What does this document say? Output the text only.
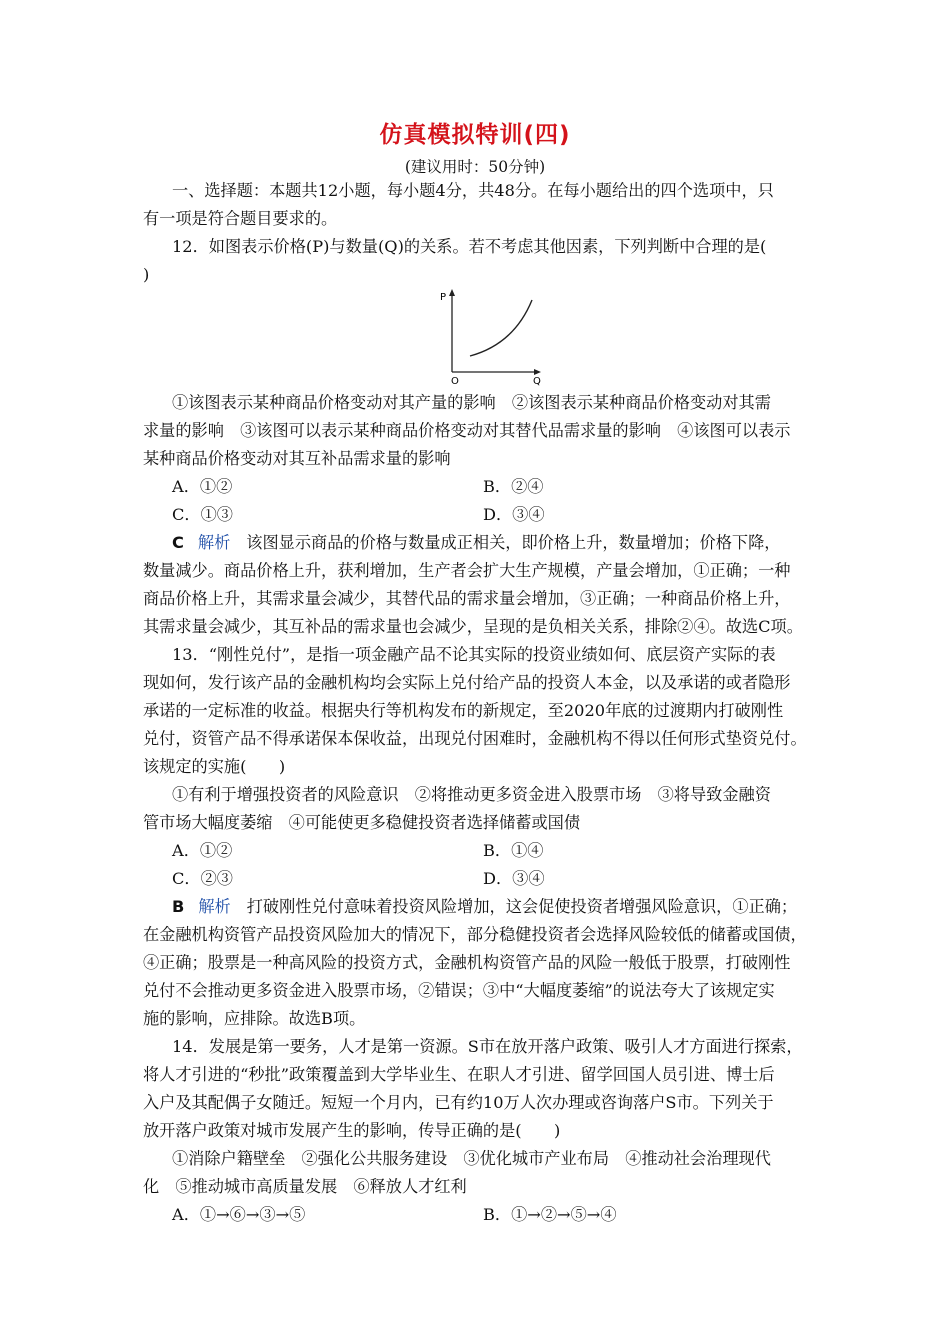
仿真模拟特训(四)
(建议用时：50分钟)
一、选择题：本题共12小题，每小题4分，共48分。在每小题给出的四个选项中，只
有一项是符合题目要求的。
12．如图表示价格(P)与数量(Q)的关系。若不考虑其他因素，下列判断中合理的是(
)
P
Q
O
①该图表示某种商品价格变动对其产量的影响　②该图表示某种商品价格变动对其需
求量的影响　③该图可以表示某种商品价格变动对其替代品需求量的影响　④该图可以表示
某种商品价格变动对其互补品需求量的影响
A．①②	B．②④
C．①③	D．③④
C 解析 该图显示商品的价格与数量成正相关，即价格上升，数量增加；价格下降，
数量减少。商品价格上升，获利增加，生产者会扩大生产规模，产量会增加，①正确；一种
商品价格上升，其需求量会减少，其替代品的需求量会增加，③正确；一种商品价格上升，
其需求量会减少，其互补品的需求量也会减少，呈现的是负相关关系，排除②④。故选C项。
13．“刚性兑付”，是指一项金融产品不论其实际的投资业绩如何、底层资产实际的表
现如何，发行该产品的金融机构均会实际上兑付给产品的投资人本金，以及承诺的或者隐形
承诺的一定标准的收益。根据央行等机构发布的新规定，至2020年底的过渡期内打破刚性
兑付，资管产品不得承诺保本保收益，出现兑付困难时，金融机构不得以任何形式垫资兑付。
该规定的实施(　　)
①有利于增强投资者的风险意识　②将推动更多资金进入股票市场　③将导致金融资
管市场大幅度萎缩　④可能使更多稳健投资者选择储蓄或国债
A．①②	B．①④
C．②③	D．③④
B 解析 打破刚性兑付意味着投资风险增加，这会促使投资者增强风险意识，①正确；
在金融机构资管产品投资风险加大的情况下，部分稳健投资者会选择风险较低的储蓄或国债，
④正确；股票是一种高风险的投资方式，金融机构资管产品的风险一般低于股票，打破刚性
兑付不会推动更多资金进入股票市场，②错误；③中“大幅度萎缩”的说法夸大了该规定实
施的影响，应排除。故选B项。
14．发展是第一要务，人才是第一资源。S市在放开落户政策、吸引人才方面进行探索，
将人才引进的“秒批”政策覆盖到大学毕业生、在职人才引进、留学回国人员引进、博士后
入户及其配偶子女随迁。短短一个月内，已有约10万人次办理或咨询落户S市。下列关于
放开落户政策对城市发展产生的影响，传导正确的是(　　)
①消除户籍壁垒　②强化公共服务建设　③优化城市产业布局　④推动社会治理现代
化　⑤推动城市高质量发展　⑥释放人才红利
A．①→⑥→③→⑤	B．①→②→⑤→④
